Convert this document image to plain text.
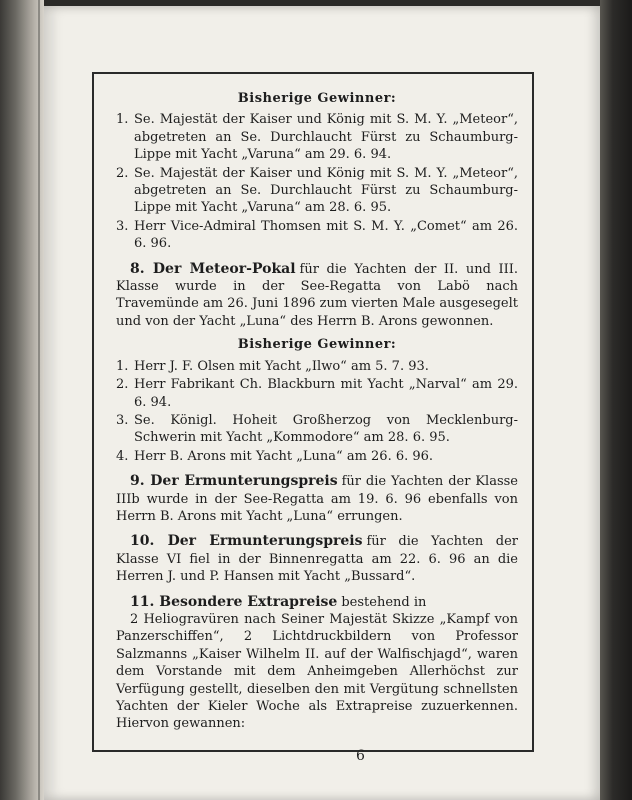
Bisherige Gewinner:
1. Se. Majestät der Kaiser und König mit S. M. Y. „Meteor“, abgetreten an Se. Durchlaucht Fürst zu Schaumburg-Lippe mit Yacht „Varuna“ am 29. 6. 94.
2. Se. Majestät der Kaiser und König mit S. M. Y. „Meteor“, abgetreten an Se. Durchlaucht Fürst zu Schaumburg-Lippe mit Yacht „Varuna“ am 28. 6. 95.
3. Herr Vice-Admiral Thomsen mit S. M. Y. „Comet“ am 26. 6. 96.
8. Der Meteor-Pokal für die Yachten der II. und III. Klasse wurde in der See-Regatta von Labö nach Travemünde am 26. Juni 1896 zum vierten Male ausgesegelt und von der Yacht „Luna“ des Herrn B. Arons gewonnen.
Bisherige Gewinner:
1. Herr J. F. Olsen mit Yacht „Ilwo“ am 5. 7. 93.
2. Herr Fabrikant Ch. Blackburn mit Yacht „Narval“ am 29. 6. 94.
3. Se. Königl. Hoheit Großherzog von Mecklenburg-Schwerin mit Yacht „Kommodore“ am 28. 6. 95.
4. Herr B. Arons mit Yacht „Luna“ am 26. 6. 96.
9. Der Ermunterungspreis für die Yachten der Klasse IIIb wurde in der See-Regatta am 19. 6. 96 ebenfalls von Herrn B. Arons mit Yacht „Luna“ errungen.
10. Der Ermunterungspreis für die Yachten der Klasse VI fiel in der Binnenregatta am 22. 6. 96 an die Herren J. und P. Hansen mit Yacht „Bussard“.
11. Besondere Extrapreise bestehend in
2 Heliogravüren nach Seiner Majestät Skizze „Kampf von Panzerschiffen“, 2 Lichtdruckbildern von Professor Salzmanns „Kaiser Wilhelm II. auf der Walfischjagd“, waren dem Vorstande mit dem Anheimgeben Allerhöchst zur Verfügung gestellt, dieselben den mit Vergütung schnellsten Yachten der Kieler Woche als Extrapreise zuzuerkennen. Hiervon gewannen:
6
